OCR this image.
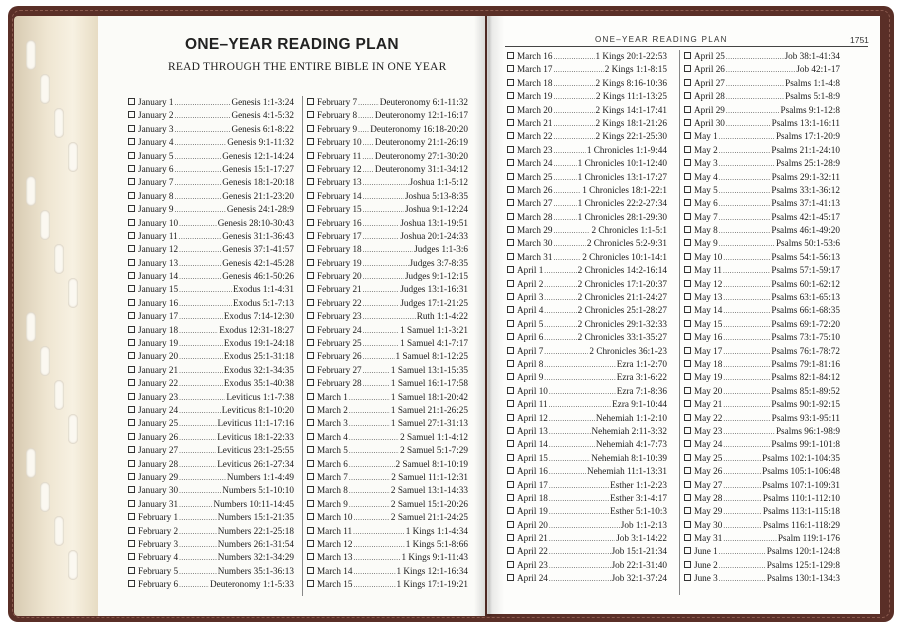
ONE–YEAR READING PLAN
READ THROUGH THE ENTIRE BIBLE IN ONE YEAR
ONE–YEAR READING PLAN	1751
January 1 .....	Genesis 1:1-3:24
January 2 .....	Genesis 4:1-5:32
January 3 .....	Genesis 6:1-8:22
January 4 .....	Genesis 9:1-11:32
January 5 .....	Genesis 12:1-14:24
January 6 .....	Genesis 15:1-17:27
January 7 .....	Genesis 18:1-20:18
January 8 .....	Genesis 21:1-23:20
January 9 .....	Genesis 24:1-28:9
January 10 .....	Genesis 28:10-30:43
January 11 .....	Genesis 31:1-36:43
January 12 .....	Genesis 37:1-41:57
January 13 .....	Genesis 42:1-45:28
January 14 .....	Genesis 46:1-50:26
January 15 .....	Exodus 1:1-4:31
January 16 .....	Exodus 5:1-7:13
January 17 .....	Exodus 7:14-12:30
January 18 .....	Exodus 12:31-18:27
January 19 .....	Exodus 19:1-24:18
January 20 .....	Exodus 25:1-31:18
January 21 .....	Exodus 32:1-34:35
January 22 .....	Exodus 35:1-40:38
January 23 .....	Leviticus 1:1-7:38
January 24 .....	Leviticus 8:1-10:20
January 25 .....	Leviticus 11:1-17:16
January 26 .....	Leviticus 18:1-22:33
January 27 .....	Leviticus 23:1-25:55
January 28 .....	Leviticus 26:1-27:34
January 29 .....	Numbers 1:1-4:49
January 30 .....	Numbers 5:1-10:10
January 31 .....	Numbers 10:11-14:45
February 1 .....	Numbers 15:1-21:35
February 2 .....	Numbers 22:1-25:18
February 3 .....	Numbers 26:1-31:54
February 4 .....	Numbers 32:1-34:29
February 5 .....	Numbers 35:1-36:13
February 6 .....	Deuteronomy 1:1-5:33
February 7 ..... Deuteronomy 6:1-11:32
February 8 ..... Deuteronomy 12:1-16:17
February 9 ..... Deuteronomy 16:18-20:20
February 10 ..... Deuteronomy 21:1-26:19
February 11 ..... Deuteronomy 27:1-30:20
February 12 ..... Deuteronomy 31:1-34:12
February 13 .....	Joshua 1:1-5:12
February 14 .....	Joshua 5:13-8:35
February 15 .....	Joshua 9:1-12:24
February 16 .....	Joshua 13:1-19:51
February 17 .....	Joshua 20:1-24:33
February 18 .....	Judges 1:1-3:6
February 19 .....	Judges 3:7-8:35
February 20 .....	Judges 9:1-12:15
February 21 .....	Judges 13:1-16:31
February 22 .....	Judges 17:1-21:25
February 23 .....	Ruth 1:1-4:22
February 24 .....	1 Samuel 1:1-3:21
February 25 .....	1 Samuel 4:1-7:17
February 26 .....	1 Samuel 8:1-12:25
February 27 .....	1 Samuel 13:1-15:35
February 28 .....	1 Samuel 16:1-17:58
March 1 .....	1 Samuel 18:1-20:42
March 2 .....	1 Samuel 21:1-26:25
March 3 .....	1 Samuel 27:1-31:13
March 4 .....	2 Samuel 1:1-4:12
March 5 .....	2 Samuel 5:1-7:29
March 6 .....	2 Samuel 8:1-10:19
March 7 .....	2 Samuel 11:1-12:31
March 8 .....	2 Samuel 13:1-14:33
March 9 .....	2 Samuel 15:1-20:26
March 10 .....	2 Samuel 21:1-24:25
March 11 .....	1 Kings 1:1-4:34
March 12 .....	1 Kings 5:1-8:66
March 13 .....	1 Kings 9:1-11:43
March 14 .....	1 Kings 12:1-16:34
March 15 .....	1 Kings 17:1-19:21
March 16 .....	1 Kings 20:1-22:53
March 17 .....	2 Kings 1:1-8:15
March 18 .....	2 Kings 8:16-10:36
March 19 .....	2 Kings 11:1-13:25
March 20 .....	2 Kings 14:1-17:41
March 21 .....	2 Kings 18:1-21:26
March 22 .....	2 Kings 22:1-25:30
March 23 .....	1 Chronicles 1:1-9:44
March 24 .....	1 Chronicles 10:1-12:40
March 25 .....	1 Chronicles 13:1-17:27
March 26 .....	1 Chronicles 18:1-22:1
March 27 .....	1 Chronicles 22:2-27:34
March 28 .....	1 Chronicles 28:1-29:30
March 29 .....	2 Chronicles 1:1-5:1
March 30 .....	2 Chronicles 5:2-9:31
March 31 .....	2 Chronicles 10:1-14:1
April 1 .....	2 Chronicles 14:2-16:14
April 2 .....	2 Chronicles 17:1-20:37
April 3 .....	2 Chronicles 21:1-24:27
April 4 .....	2 Chronicles 25:1-28:27
April 5 .....	2 Chronicles 29:1-32:33
April 6 .....	2 Chronicles 33:1-35:27
April 7 .....	2 Chronicles 36:1-23
April 8 .....	Ezra 1:1-2:70
April 9 .....	Ezra 3:1-6:22
April 10 .....	Ezra 7:1-8:36
April 11 .....	Ezra 9:1-10:44
April 12 .....	Nehemiah 1:1-2:10
April 13 .....	Nehemiah 2:11-3:32
April 14 .....	Nehemiah 4:1-7:73
April 15 .....	Nehemiah 8:1-10:39
April 16 .....	Nehemiah 11:1-13:31
April 17 .....	Esther 1:1-2:23
April 18 .....	Esther 3:1-4:17
April 19 .....	Esther 5:1-10:3
April 20 .....	Job 1:1-2:13
April 21 .....	Job 3:1-14:22
April 22 .....	Job 15:1-21:34
April 23 .....	Job 22:1-31:40
April 24 .....	Job 32:1-37:24
April 25 .....	Job 38:1-41:34
April 26 .....	Job 42:1-17
April 27 .....	Psalms 1:1-4:8
April 28 .....	Psalms 5:1-8:9
April 29 .....	Psalms 9:1-12:8
April 30 .....	Psalms 13:1-16:11
May 1 .....	Psalms 17:1-20:9
May 2 .....	Psalms 21:1-24:10
May 3 .....	Psalms 25:1-28:9
May 4 .....	Psalms 29:1-32:11
May 5 .....	Psalms 33:1-36:12
May 6 .....	Psalms 37:1-41:13
May 7 .....	Psalms 42:1-45:17
May 8 .....	Psalms 46:1-49:20
May 9 .....	Psalms 50:1-53:6
May 10 .....	Psalms 54:1-56:13
May 11 .....	Psalms 57:1-59:17
May 12 .....	Psalms 60:1-62:12
May 13 .....	Psalms 63:1-65:13
May 14 .....	Psalms 66:1-68:35
May 15 .....	Psalms 69:1-72:20
May 16 .....	Psalms 73:1-75:10
May 17 .....	Psalms 76:1-78:72
May 18 .....	Psalms 79:1-81:16
May 19 .....	Psalms 82:1-84:12
May 20 .....	Psalms 85:1-89:52
May 21 .....	Psalms 90:1-92:15
May 22 .....	Psalms 93:1-95:11
May 23 .....	Psalms 96:1-98:9
May 24 .....	Psalms 99:1-101:8
May 25 .....	Psalms 102:1-104:35
May 26 .....	Psalms 105:1-106:48
May 27 .....	Psalms 107:1-109:31
May 28 .....	Psalms 110:1-112:10
May 29 .....	Psalms 113:1-115:18
May 30 .....	Psalms 116:1-118:29
May 31 .....	Psalm 119:1-176
June 1 .....	Psalms 120:1-124:8
June 2 .....	Psalms 125:1-129:8
June 3 .....	Psalms 130:1-134:3
